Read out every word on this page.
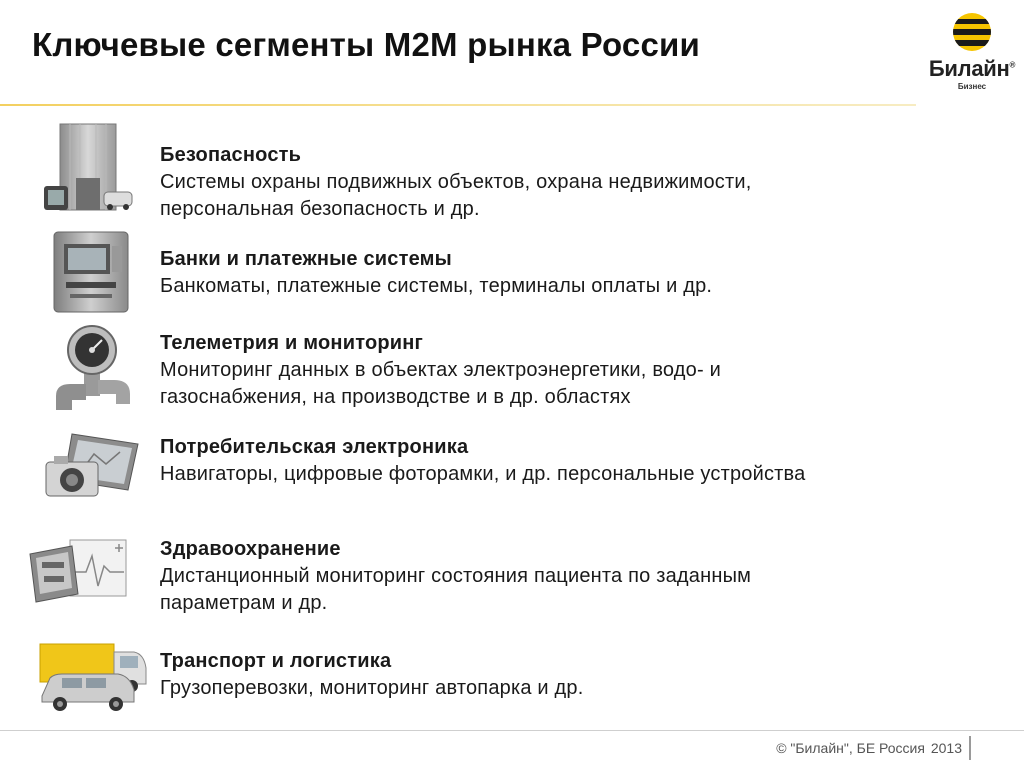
Ключевые сегменты M2M рынка России
Билайн®
Бизнес
Безопасность
Системы охраны подвижных объектов, охрана недвижимости,
персональная безопасность и др.
Банки и платежные системы
Банкоматы, платежные системы, терминалы оплаты и др.
Телеметрия и мониторинг
Мониторинг данных в объектах электроэнергетики, водо- и
газоснабжения, на производстве и в др. областях
Потребительская электроника
Навигаторы, цифровые фоторамки, и др. персональные устройства
Здравоохранение
Дистанционный мониторинг состояния пациента по заданным
параметрам и др.
Транспорт и логистика
Грузоперевозки, мониторинг автопарка и др.
© "Билайн", БЕ Россия 2013
